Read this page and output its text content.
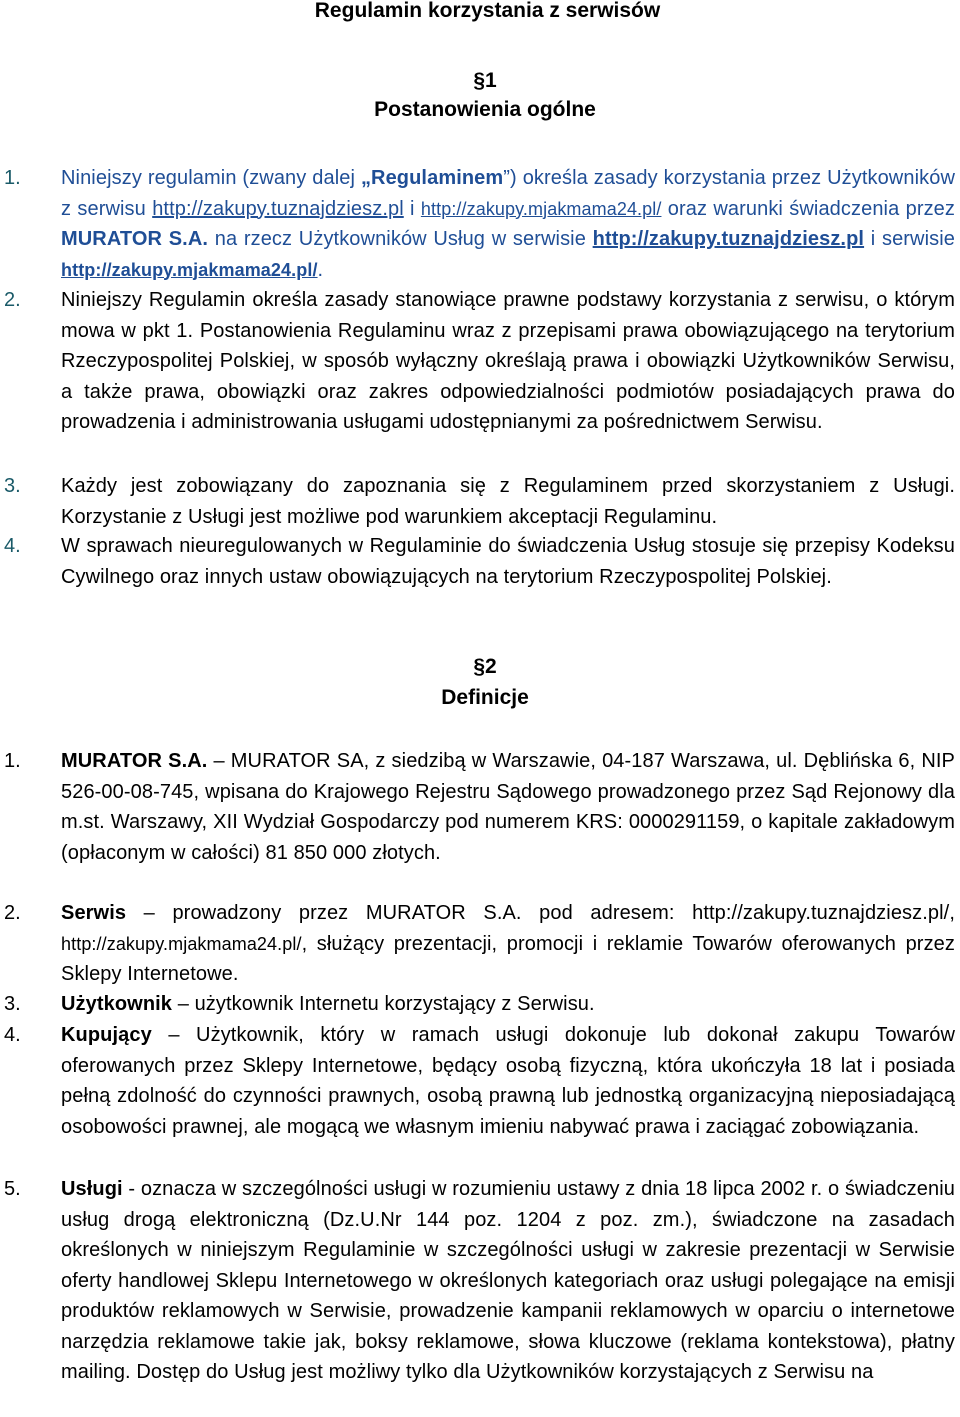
Regulamin korzystania z serwisów
§1
Postanowienia ogólne
1. Niniejszy regulamin (zwany dalej „Regulaminem”) określa zasady korzystania przez Użytkowników z serwisu http://zakupy.tuznajdziesz.pl i http://zakupy.mjakmama24.pl/ oraz warunki świadczenia przez MURATOR S.A. na rzecz Użytkowników Usług w serwisie http://zakupy.tuznajdziesz.pl i serwisie http://zakupy.mjakmama24.pl/.
2. Niniejszy Regulamin określa zasady stanowiące prawne podstawy korzystania z serwisu, o którym mowa w pkt 1. Postanowienia Regulaminu wraz z przepisami prawa obowiązującego na terytorium Rzeczypospolitej Polskiej, w sposób wyłączny określają prawa i obowiązki Użytkowników Serwisu, a także prawa, obowiązki oraz zakres odpowiedzialności podmiotów posiadających prawa do prowadzenia i administrowania usługami udostępnianymi za pośrednictwem Serwisu.
3. Każdy jest zobowiązany do zapoznania się z Regulaminem przed skorzystaniem z Usługi. Korzystanie z Usługi jest możliwe pod warunkiem akceptacji Regulaminu.
4. W sprawach nieuregulowanych w Regulaminie do świadczenia Usług stosuje się przepisy Kodeksu Cywilnego oraz innych ustaw obowiązujących na terytorium Rzeczypospolitej Polskiej.
§2
Definicje
1. MURATOR S.A. – MURATOR SA, z siedzibą w Warszawie, 04-187 Warszawa, ul. Dęblińska 6, NIP 526-00-08-745, wpisana do Krajowego Rejestru Sądowego prowadzonego przez Sąd Rejonowy dla m.st. Warszawy, XII Wydział Gospodarczy pod numerem KRS: 0000291159, o kapitale zakładowym (opłaconym w całości) 81 850 000 złotych.
2. Serwis – prowadzony przez MURATOR S.A. pod adresem: http://zakupy.tuznajdziesz.pl/, http://zakupy.mjakmama24.pl/, służący prezentacji, promocji i reklamie Towarów oferowanych przez Sklepy Internetowe.
3. Użytkownik – użytkownik Internetu korzystający z Serwisu.
4. Kupujący – Użytkownik, który w ramach usługi dokonuje lub dokonał zakupu Towarów oferowanych przez Sklepy Internetowe, będący osobą fizyczną, która ukończyła 18 lat i posiada pełną zdolność do czynności prawnych, osobą prawną lub jednostką organizacyjną nieposiadającą osobowości prawnej, ale mogącą we własnym imieniu nabywać prawa i zaciągać zobowiązania.
5. Usługi - oznacza w szczególności usługi w rozumieniu ustawy z dnia 18 lipca 2002 r. o świadczeniu usług drogą elektroniczną (Dz.U.Nr 144 poz. 1204 z poz. zm.), świadczone na zasadach określonych w niniejszym Regulaminie w szczególności usługi w zakresie prezentacji w Serwisie oferty handlowej Sklepu Internetowego w określonych kategoriach oraz usługi polegające na emisji produktów reklamowych w Serwisie, prowadzenie kampanii reklamowych w oparciu o internetowe narzędzia reklamowe takie jak, boksy reklamowe, słowa kluczowe (reklama kontekstowa), płatny mailing. Dostęp do Usług jest możliwy tylko dla Użytkowników korzystających z Serwisu na
